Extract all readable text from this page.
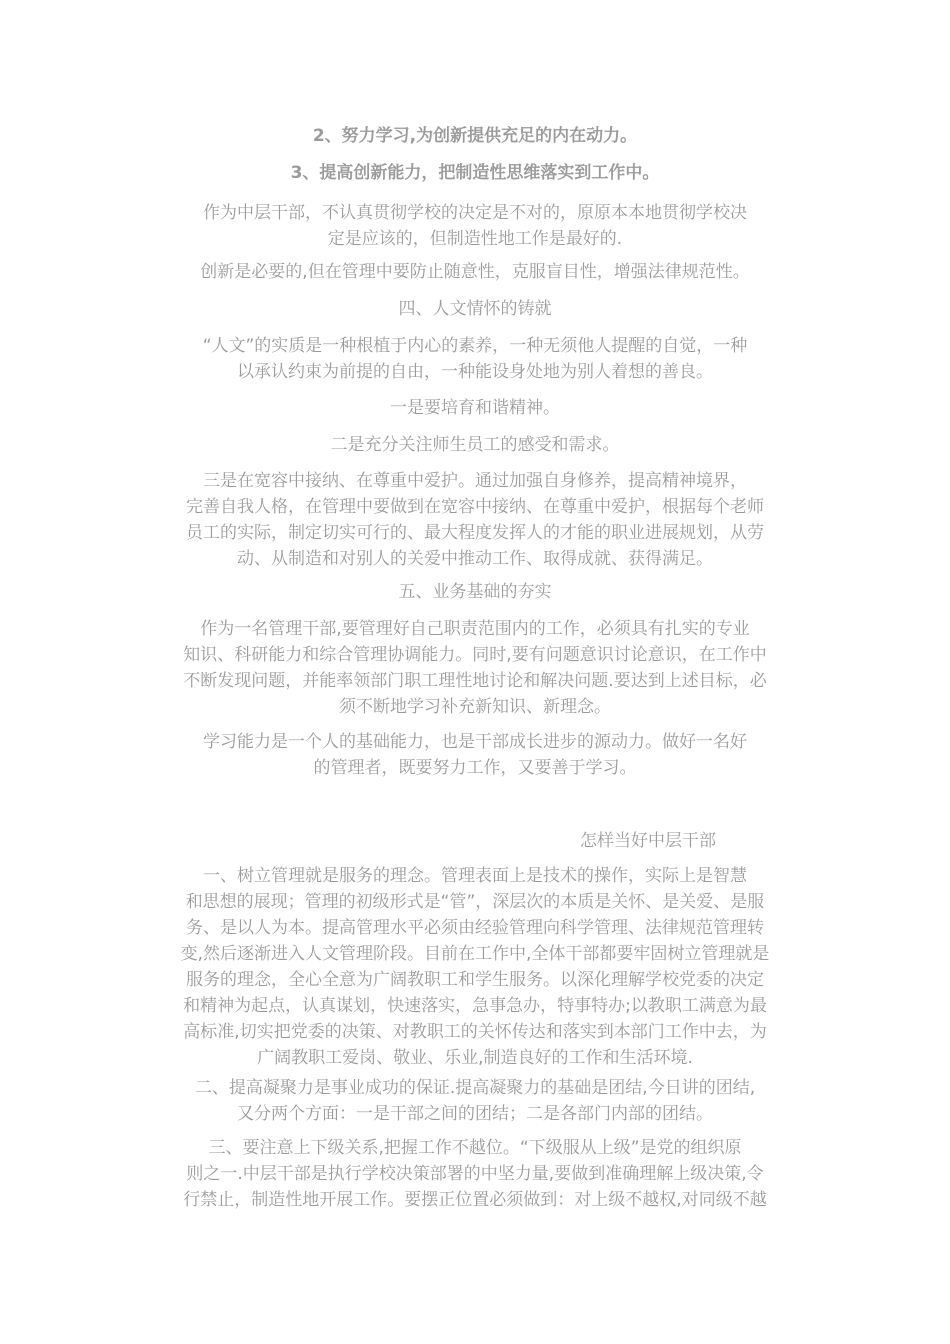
2、努力学习,为创新提供充足的内在动力。

3、提高创新能力，把制造性思维落实到工作中。

作为中层干部，不认真贯彻学校的决定是不对的，原原本本地贯彻学校决
定是应该的，但制造性地工作是最好的.

创新是必要的,但在管理中要防止随意性，克服盲目性，增强法律规范性。

四、人文情怀的铸就

“人文”的实质是一种根植于内心的素养，一种无须他人提醒的自觉，一种
以承认约束为前提的自由，一种能设身处地为别人着想的善良。

一是要培育和谐精神。

二是充分关注师生员工的感受和需求。

三是在宽容中接纳、在尊重中爱护。通过加强自身修养，提高精神境界，
完善自我人格，在管理中要做到在宽容中接纳、在尊重中爱护，根据每个老师
员工的实际，制定切实可行的、最大程度发挥人的才能的职业进展规划，从劳
动、从制造和对别人的关爱中推动工作、取得成就、获得满足。

五、业务基础的夯实

作为一名管理干部,要管理好自己职责范围内的工作，必须具有扎实的专业
知识、科研能力和综合管理协调能力。同时,要有问题意识讨论意识，在工作中
不断发现问题，并能率领部门职工理性地讨论和解决问题.要达到上述目标，必
须不断地学习补充新知识、新理念。

学习能力是一个人的基础能力，也是干部成长进步的源动力。做好一名好
的管理者，既要努力工作，又要善于学习。

怎样当好中层干部

一、树立管理就是服务的理念。管理表面上是技术的操作，实际上是智慧
和思想的展现；管理的初级形式是“管”，深层次的本质是关怀、是关爱、是服
务、是以人为本。提高管理水平必须由经验管理向科学管理、法律规范管理转
变,然后逐渐进入人文管理阶段。目前在工作中,全体干部都要牢固树立管理就是
服务的理念，全心全意为广阔教职工和学生服务。以深化理解学校党委的决定
和精神为起点，认真谋划，快速落实，急事急办，特事特办;以教职工满意为最
高标准,切实把党委的决策、对教职工的关怀传达和落实到本部门工作中去，为
广阔教职工爱岗、敬业、乐业,制造良好的工作和生活环境.

二、提高凝聚力是事业成功的保证.提高凝聚力的基础是团结,今日讲的团结,
又分两个方面：一是干部之间的团结；二是各部门内部的团结。

三、要注意上下级关系,把握工作不越位。“下级服从上级”是党的组织原
则之一.中层干部是执行学校决策部署的中坚力量,要做到准确理解上级决策,令
行禁止，制造性地开展工作。要摆正位置必须做到：对上级不越权,对同级不越
